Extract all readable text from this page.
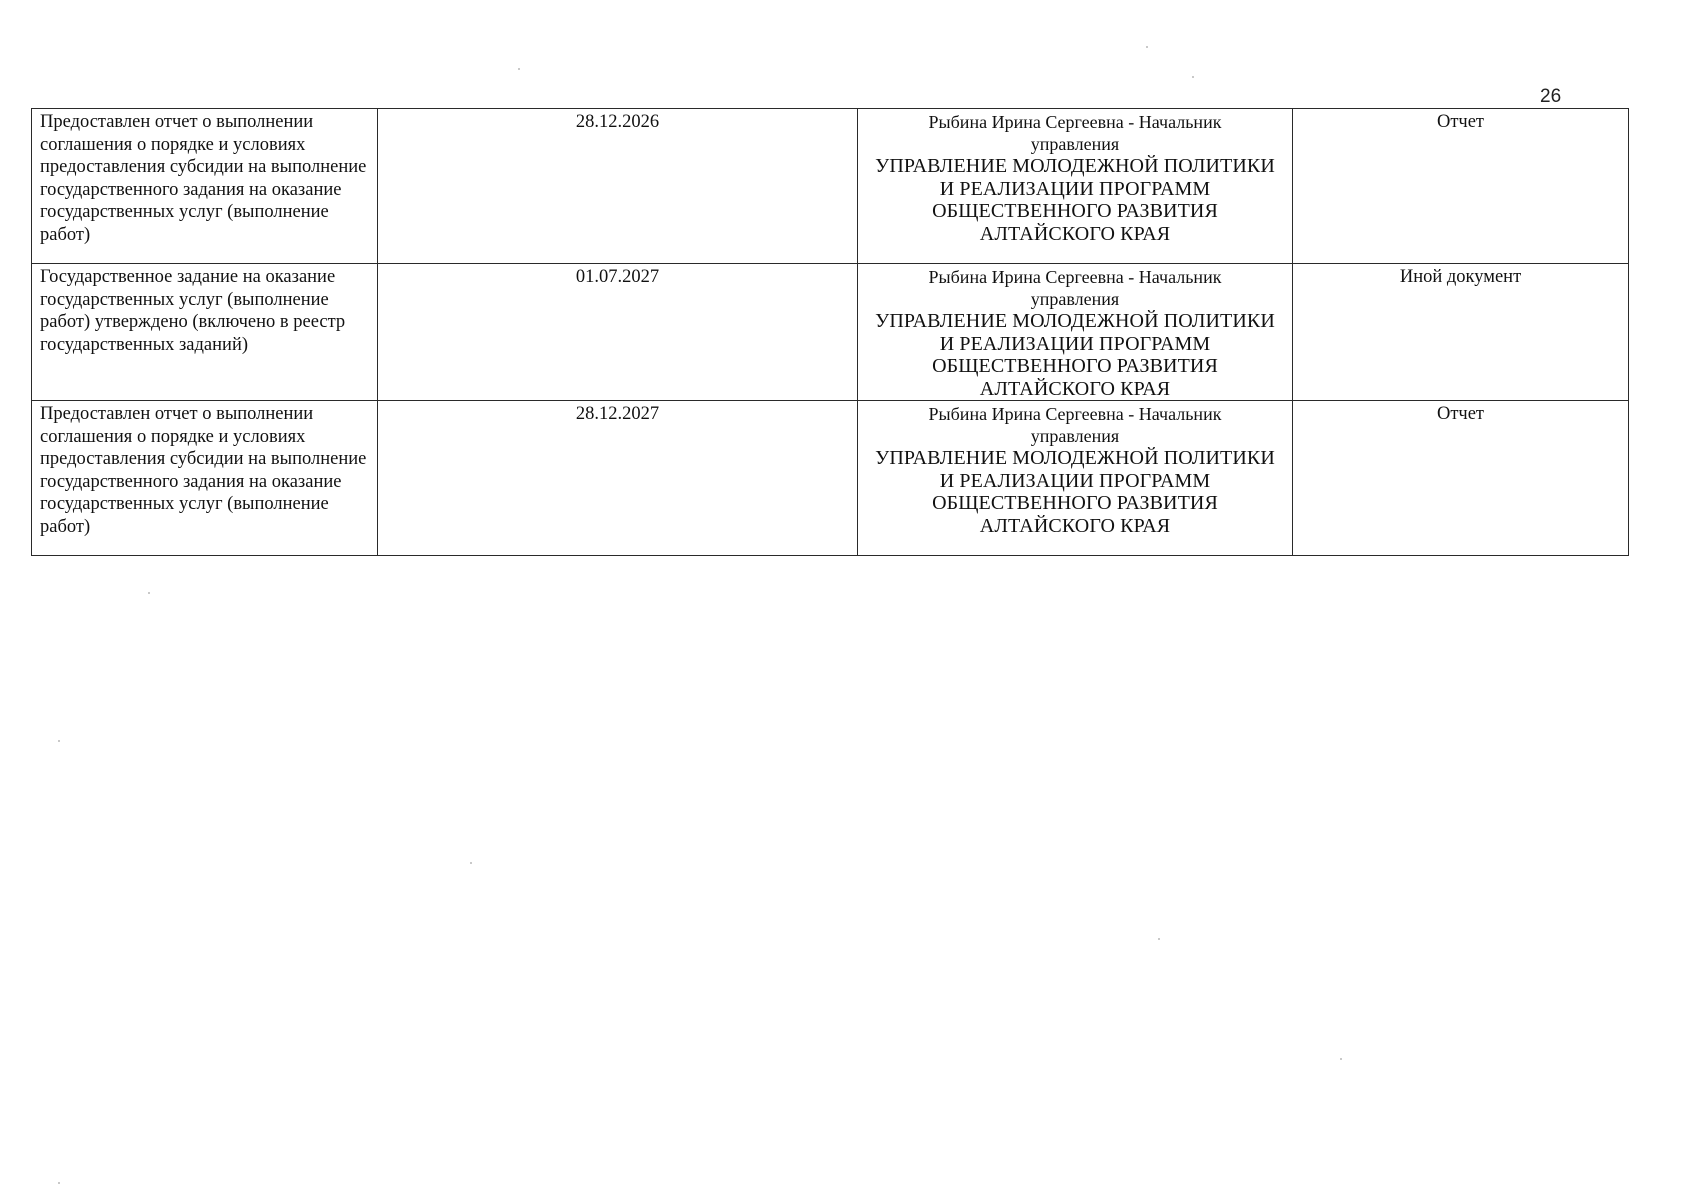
26
Предоставлен отчет о выполнении соглашения о порядке и условиях предоставления субсидии на выполнение государственного задания на оказание государственных услуг (выполнение работ)	28.12.2026	Рыбина Ирина Сергеевна - Начальник
управления
УПРАВЛЕНИЕ МОЛОДЕЖНОЙ ПОЛИТИКИ И РЕАЛИЗАЦИИ ПРОГРАММ ОБЩЕСТВЕННОГО РАЗВИТИЯ АЛТАЙСКОГО КРАЯ	Отчет
Государственное задание на оказание государственных услуг (выполнение работ) утверждено (включено в реестр государственных заданий)	01.07.2027	Рыбина Ирина Сергеевна - Начальник
управления
УПРАВЛЕНИЕ МОЛОДЕЖНОЙ ПОЛИТИКИ И РЕАЛИЗАЦИИ ПРОГРАММ ОБЩЕСТВЕННОГО РАЗВИТИЯ АЛТАЙСКОГО КРАЯ	Иной документ
Предоставлен отчет о выполнении соглашения о порядке и условиях предоставления субсидии на выполнение государственного задания на оказание государственных услуг (выполнение работ)	28.12.2027	Рыбина Ирина Сергеевна - Начальник
управления
УПРАВЛЕНИЕ МОЛОДЕЖНОЙ ПОЛИТИКИ И РЕАЛИЗАЦИИ ПРОГРАММ ОБЩЕСТВЕННОГО РАЗВИТИЯ АЛТАЙСКОГО КРАЯ	Отчет
